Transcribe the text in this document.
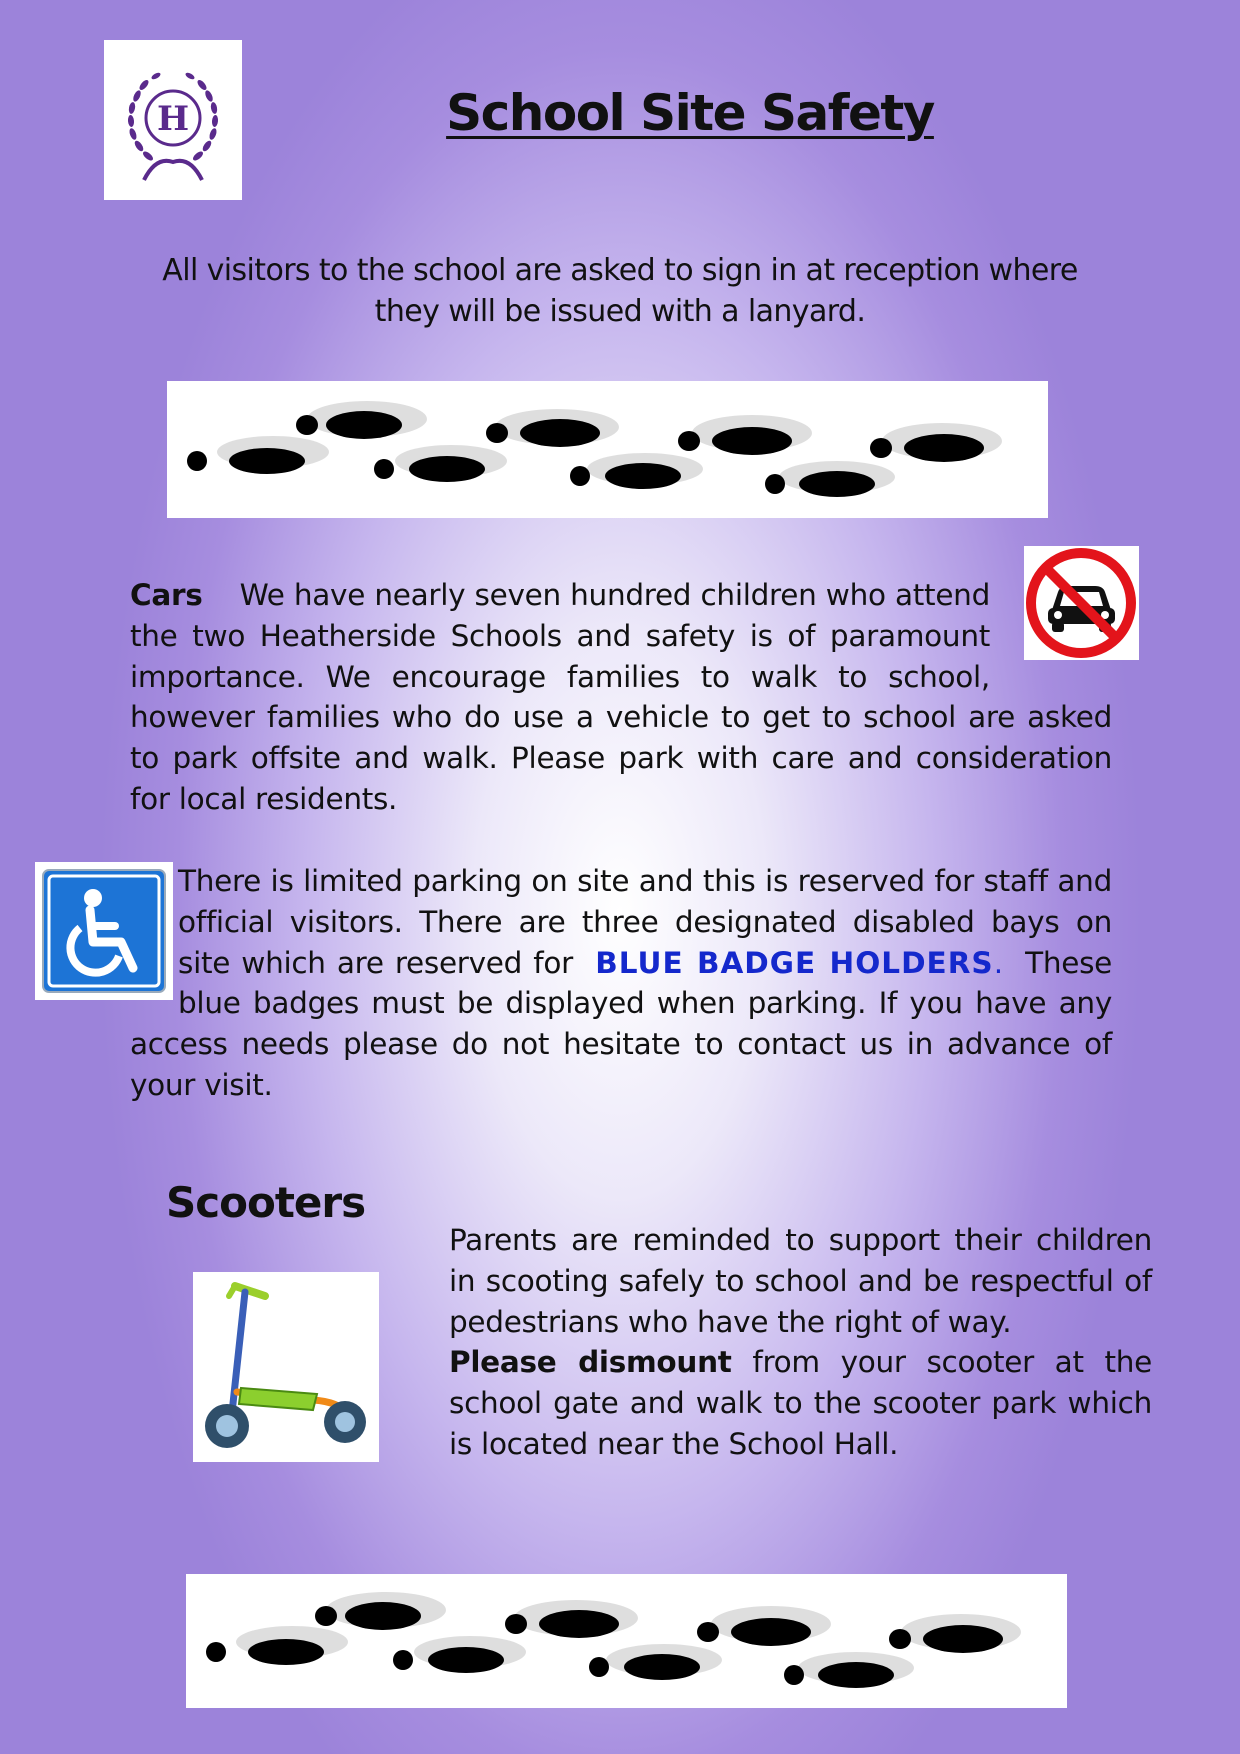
H	School Site Safety

All visitors to the school are asked to sign in at reception where they will be issued with a lanyard.

Cars We have nearly seven hundred children who attend the two Heatherside Schools and safety is of paramount importance. We encourage families to walk to school, however families who do use a vehicle to get to school are asked to park offsite and walk. Please park with care and consideration for local residents.

There is limited parking on site and this is reserved for staff and official visitors. There are three designated disabled bays on site which are reserved for BLUE BADGE HOLDERS. These blue badges must be displayed when parking. If you have any access needs please do not hesitate to contact us in advance of your visit.

Scooters

Parents are reminded to support their children in scooting safely to school and be respectful of pedestrians who have the right of way.

Please dismount from your scooter at the school gate and walk to the scooter park which is located near the School Hall.
